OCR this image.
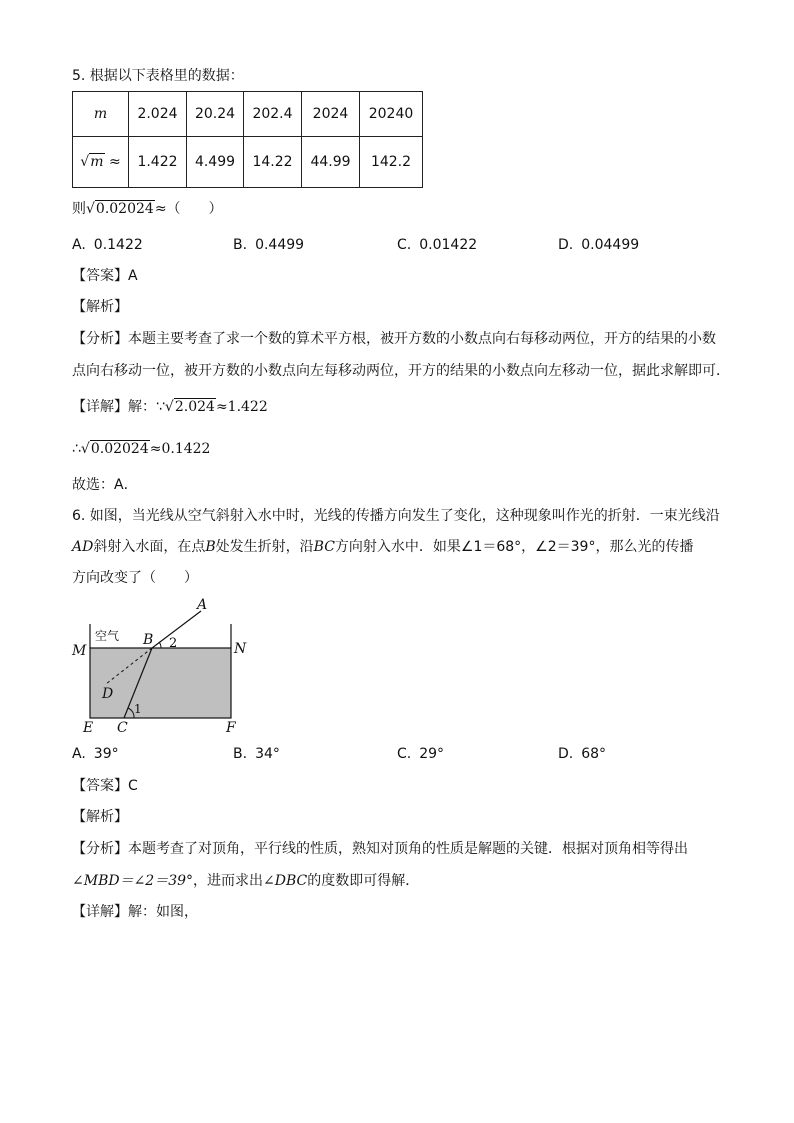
5. 根据以下表格里的数据：
m	2.024	20.24	202.4	2024	20240
√m ≈	1.422	4.499	14.22	44.99	142.2
则√0.02024≈（　　）
A. 0.1422	B. 0.4499	C. 0.01422	D. 0.04499
【答案】A
【解析】
【分析】本题主要考查了求一个数的算术平方根，被开方数的小数点向右每移动两位，开方的结果的小数
点向右移动一位，被开方数的小数点向左每移动两位，开方的结果的小数点向左移动一位，据此求解即可．
【详解】解：∵√2.024≈1.422
∴√0.02024≈0.1422
故选：A．
6. 如图，当光线从空气斜射入水中时，光线的传播方向发生了变化，这种现象叫作光的折射．一束光线沿
AD斜射入水面，在点B处发生折射，沿BC方向射入水中．如果∠1＝68°，∠2＝39°，那么光的传播
方向改变了（　　）
空气
A
B 2
M	N
D
1
E C	F
A. 39°	B. 34°	C. 29°	D. 68°
【答案】C
【解析】
【分析】本题考查了对顶角，平行线的性质，熟知对顶角的性质是解题的关键．根据对顶角相等得出
∠MBD＝∠2＝39°，进而求出∠DBC的度数即可得解．
【详解】解：如图，
